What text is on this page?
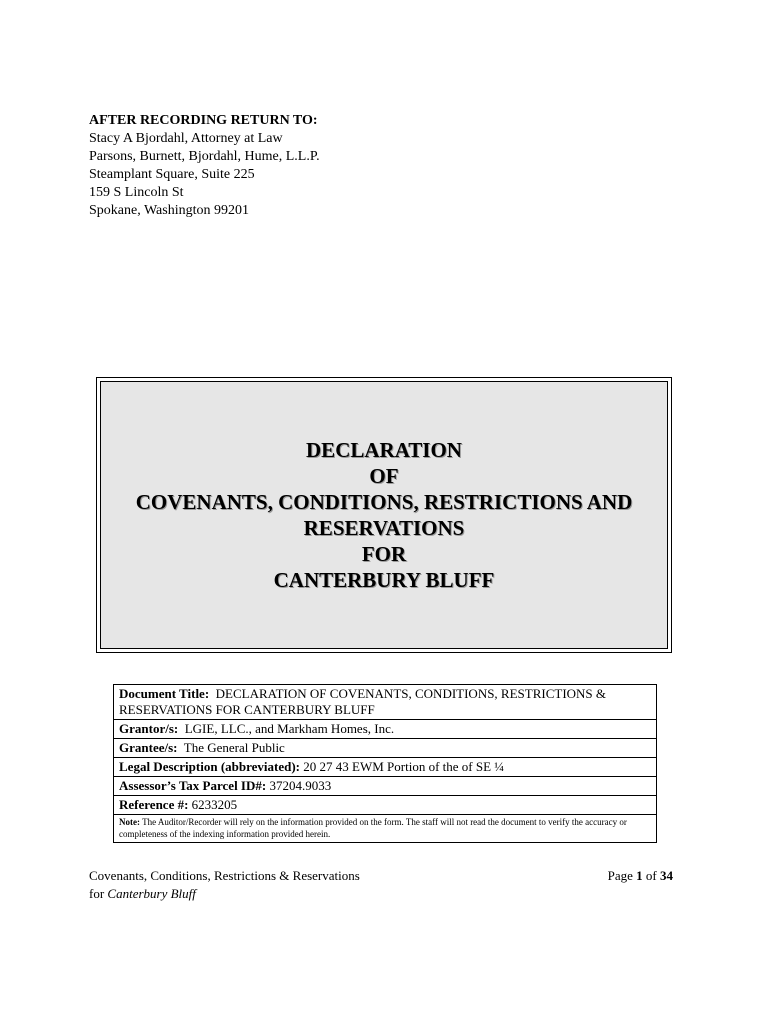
AFTER RECORDING RETURN TO:
Stacy A Bjordahl, Attorney at Law
Parsons, Burnett, Bjordahl, Hume, L.L.P.
Steamplant Square, Suite 225
159 S Lincoln St
Spokane, Washington 99201
DECLARATION
OF
COVENANTS, CONDITIONS, RESTRICTIONS AND
RESERVATIONS
FOR
CANTERBURY BLUFF
Document Title: DECLARATION OF COVENANTS, CONDITIONS, RESTRICTIONS & RESERVATIONS FOR CANTERBURY BLUFF
Grantor/s: LGIE, LLC., and Markham Homes, Inc.
Grantee/s: The General Public
Legal Description (abbreviated): 20 27 43 EWM Portion of the of SE ¼
Assessor’s Tax Parcel ID#: 37204.9033
Reference #: 6233205
Note: The Auditor/Recorder will rely on the information provided on the form. The staff will not read the document to verify the accuracy or completeness of the indexing information provided herein.
Covenants, Conditions, Restrictions & Reservations
for Canterbury Bluff
Page 1 of 34
